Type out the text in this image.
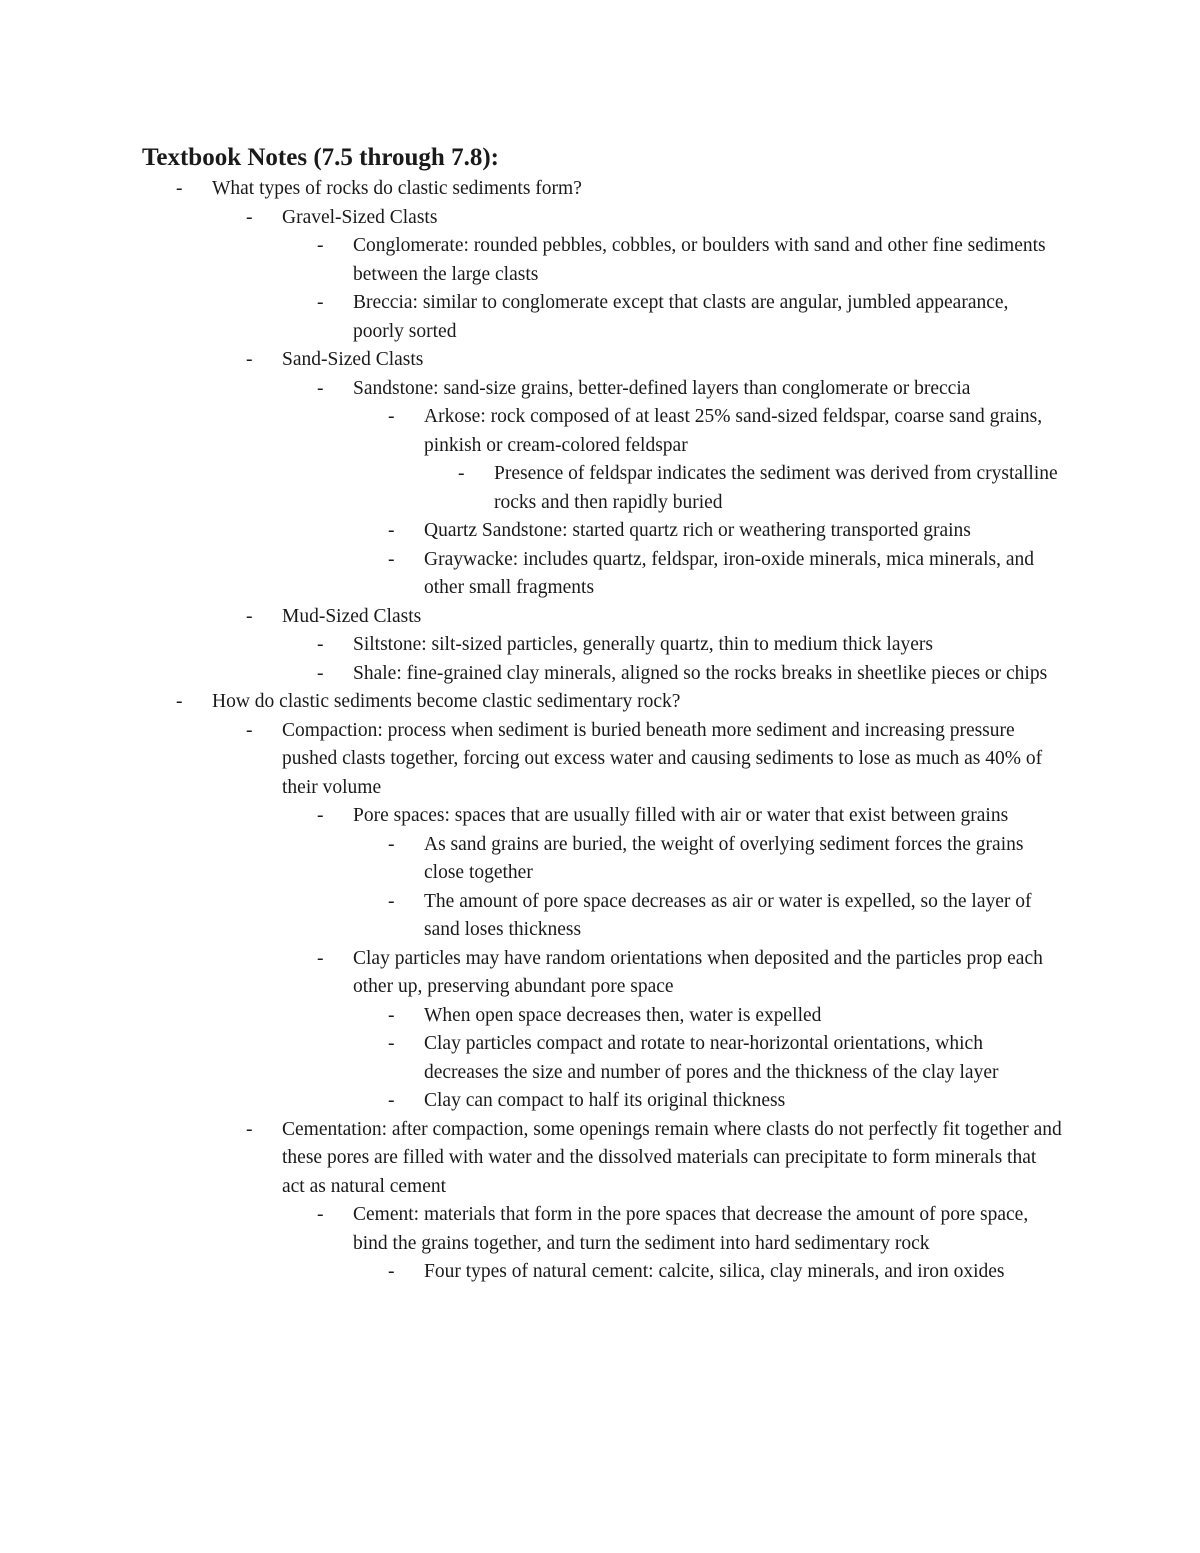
Textbook Notes (7.5 through 7.8):
-	What types of rocks do clastic sediments form?
-	Gravel-Sized Clasts
-	Conglomerate: rounded pebbles, cobbles, or boulders with sand and other fine sediments between the large clasts
-	Breccia: similar to conglomerate except that clasts are angular, jumbled appearance, poorly sorted
-	Sand-Sized Clasts
-	Sandstone: sand-size grains, better-defined layers than conglomerate or breccia
-	Arkose: rock composed of at least 25% sand-sized feldspar, coarse sand grains, pinkish or cream-colored feldspar
-	Presence of feldspar indicates the sediment was derived from crystalline rocks and then rapidly buried
-	Quartz Sandstone: started quartz rich or weathering transported grains
-	Graywacke: includes quartz, feldspar, iron-oxide minerals, mica minerals, and other small fragments
-	Mud-Sized Clasts
-	Siltstone: silt-sized particles, generally quartz, thin to medium thick layers
-	Shale: fine-grained clay minerals, aligned so the rocks breaks in sheetlike pieces or chips
-	How do clastic sediments become clastic sedimentary rock?
-	Compaction: process when sediment is buried beneath more sediment and increasing pressure pushed clasts together, forcing out excess water and causing sediments to lose as much as 40% of their volume
-	Pore spaces: spaces that are usually filled with air or water that exist between grains
-	As sand grains are buried, the weight of overlying sediment forces the grains close together
-	The amount of pore space decreases as air or water is expelled, so the layer of sand loses thickness
-	Clay particles may have random orientations when deposited and the particles prop each other up, preserving abundant pore space
-	When open space decreases then, water is expelled
-	Clay particles compact and rotate to near-horizontal orientations, which decreases the size and number of pores and the thickness of the clay layer
-	Clay can compact to half its original thickness
-	Cementation: after compaction, some openings remain where clasts do not perfectly fit together and these pores are filled with water and the dissolved materials can precipitate to form minerals that act as natural cement
-	Cement: materials that form in the pore spaces that decrease the amount of pore space, bind the grains together, and turn the sediment into hard sedimentary rock
-	Four types of natural cement: calcite, silica, clay minerals, and iron oxides
